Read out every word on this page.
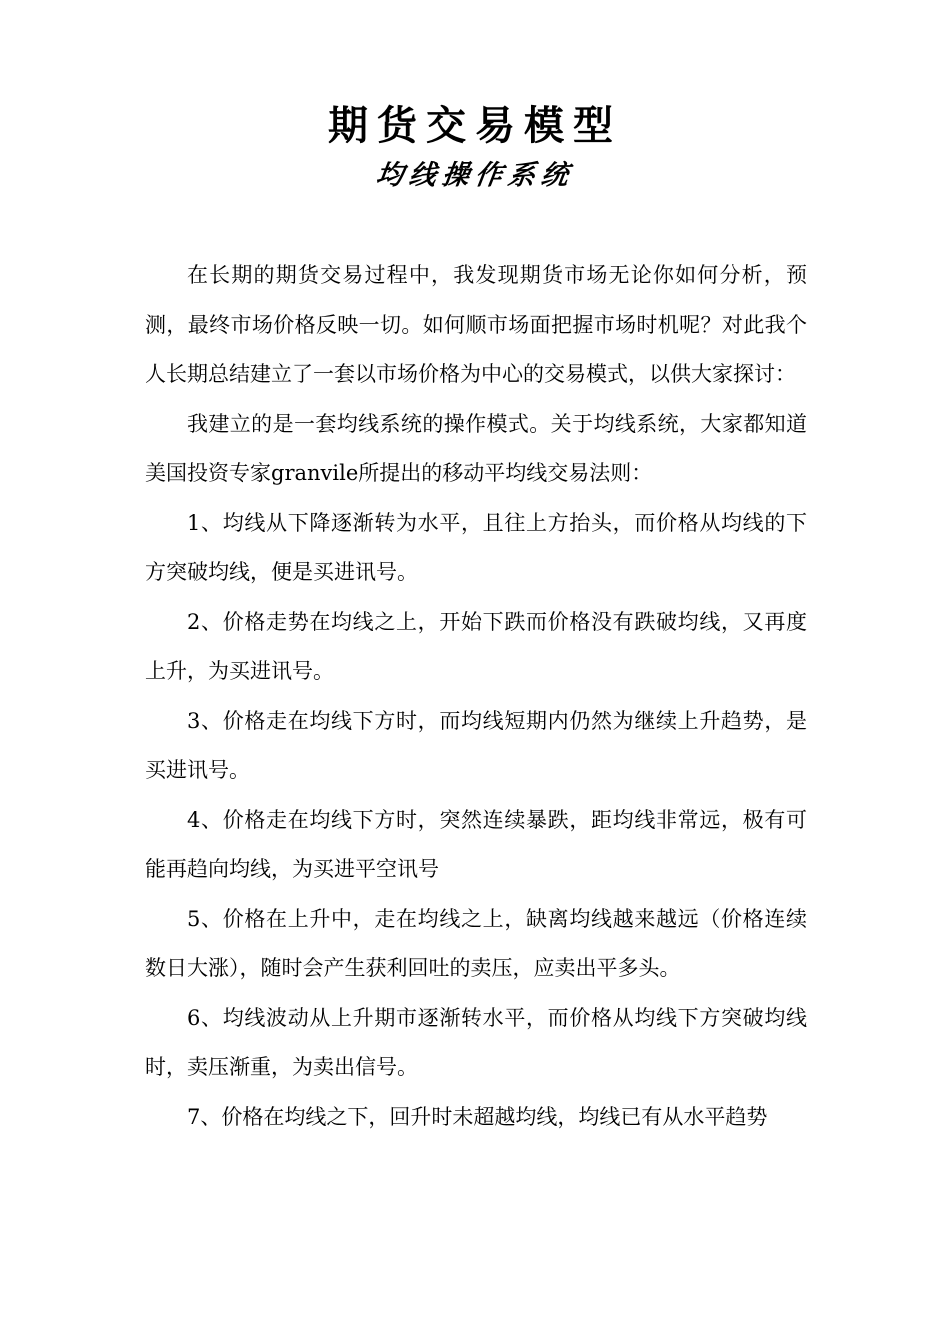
期货交易模型
均线操作系统

在长期的期货交易过程中，我发现期货市场无论你如何分析，预测，最终市场价格反映一切。如何顺市场面把握市场时机呢？对此我个人长期总结建立了一套以市场价格为中心的交易模式，以供大家探讨：

我建立的是一套均线系统的操作模式。关于均线系统，大家都知道美国投资专家granvile所提出的移动平均线交易法则：

1、均线从下降逐渐转为水平，且往上方抬头，而价格从均线的下方突破均线，便是买进讯号。

2、价格走势在均线之上，开始下跌而价格没有跌破均线，又再度上升，为买进讯号。

3、价格走在均线下方时，而均线短期内仍然为继续上升趋势，是买进讯号。

4、价格走在均线下方时，突然连续暴跌，距均线非常远，极有可能再趋向均线，为买进平空讯号

5、价格在上升中，走在均线之上，缺离均线越来越远（价格连续数日大涨），随时会产生获利回吐的卖压，应卖出平多头。

6、均线波动从上升期市逐渐转水平，而价格从均线下方突破均线时，卖压渐重，为卖出信号。

7、价格在均线之下，回升时未超越均线，均线已有从水平趋势
